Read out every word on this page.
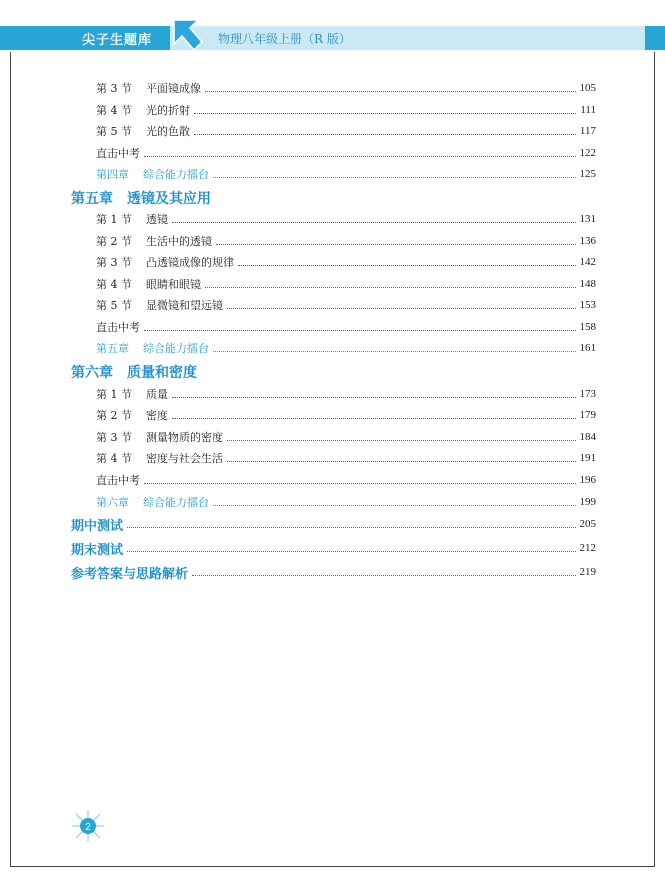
尖子生题库	物理八年级上册（R 版）
第 3 节 平面镜成像	105
第 4 节 光的折射	111
第 5 节 光的色散	117
直击中考	122
第四章 综合能力擂台	125
第五章　透镜及其应用
第 1 节 透镜	131
第 2 节 生活中的透镜	136
第 3 节 凸透镜成像的规律	142
第 4 节 眼睛和眼镜	148
第 5 节 显微镜和望远镜	153
直击中考	158
第五章 综合能力擂台	161
第六章　质量和密度
第 1 节 质量	173
第 2 节 密度	179
第 3 节 测量物质的密度	184
第 4 节 密度与社会生活	191
直击中考	196
第六章 综合能力擂台	199
期中测试	205
期末测试	212
参考答案与思路解析	219
2
